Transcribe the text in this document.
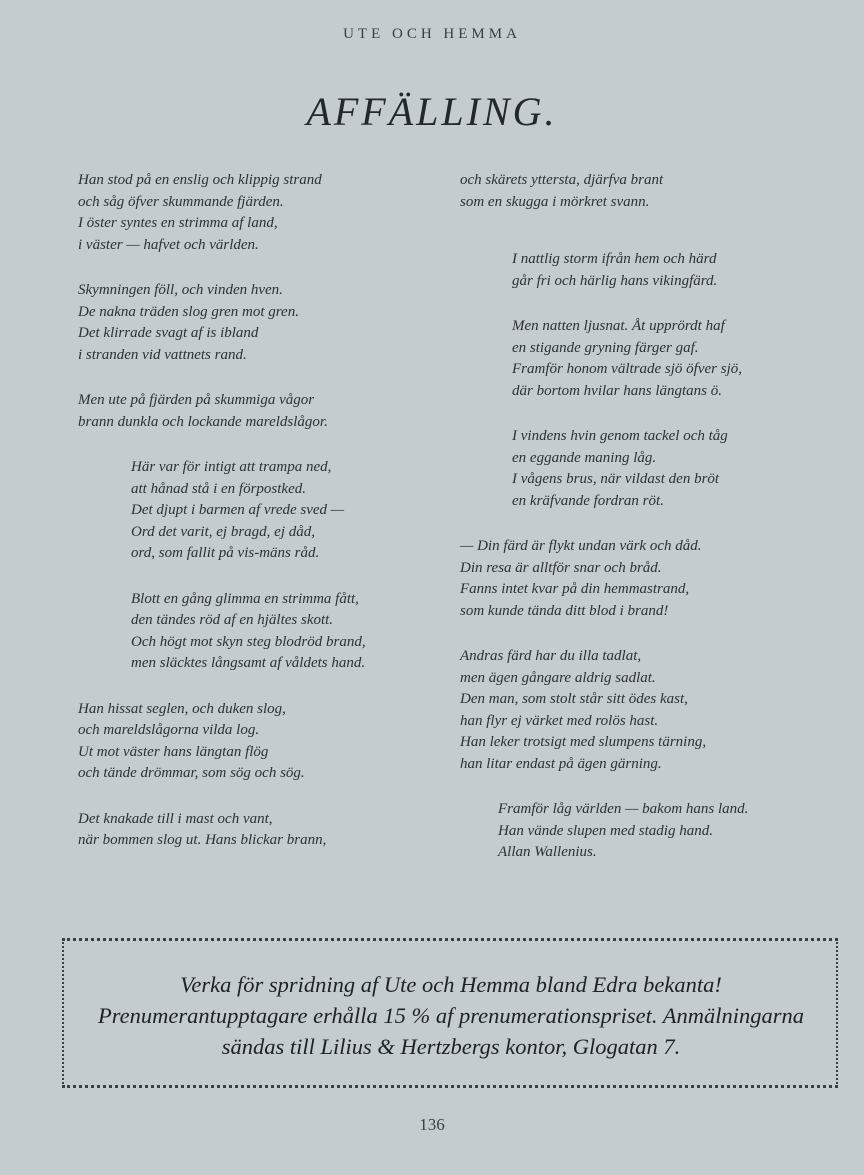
UTE OCH HEMMA
AFFÄLLING.
Han stod på en enslig och klippig strand
och såg öfver skummande fjärden.
I öster syntes en strimma af land,
i väster — hafvet och världen.
Skymningen föll, och vinden hven.
De nakna träden slog gren mot gren.
Det klirrade svagt af is ibland
i stranden vid vattnets rand.
Men ute på fjärden på skummiga vågor
brann dunkla och lockande mareldslågor.
Här var för intigt att trampa ned,
att hånad stå i en förpostked.
Det djupt i barmen af vrede sved —
Ord det varit, ej bragd, ej dåd,
ord, som fallit på vis-mäns råd.
Blott en gång glimma en strimma fått,
den tändes röd af en hjältes skott.
Och högt mot skyn steg blodröd brand,
men släcktes långsamt af våldets hand.
Han hissat seglen, och duken slog,
och mareldslågorna vilda log.
Ut mot väster hans längtan flög
och tände drömmar, som sög och sög.
Det knakade till i mast och vant,
när bommen slog ut. Hans blickar brann,
och skärets yttersta, djärfva brant
som en skugga i mörkret svann.
I nattlig storm ifrån hem och härd
går fri och härlig hans vikingfärd.
Men natten ljusnat. Åt upprördt haf
en stigande gryning färger gaf.
Framför honom vältrade sjö öfver sjö,
där bortom hvilar hans längtans ö.
I vindens hvin genom tackel och tåg
en eggande maning låg.
I vågens brus, när vildast den bröt
en kräfvande fordran röt.
— Din färd är flykt undan värk och dåd.
Din resa är alltför snar och bråd.
Fanns intet kvar på din hemmastrand,
som kunde tända ditt blod i brand!
Andras färd har du illa tadlat,
men ägen gångare aldrig sadlat.
Den man, som stolt står sitt ödes kast,
han flyr ej värket med rolös hast.
Han leker trotsigt med slumpens tärning,
han litar endast på ägen gärning.
Framför låg världen — bakom hans land.
Han vände slupen med stadig hand.
Allan Wallenius.
Verka för spridning af Ute och Hemma bland Edra bekanta! Prenumerantupptagare erhålla 15 % af prenumerationspriset. Anmälningarna sändas till Lilius & Hertzbergs kontor, Glogatan 7.
136
